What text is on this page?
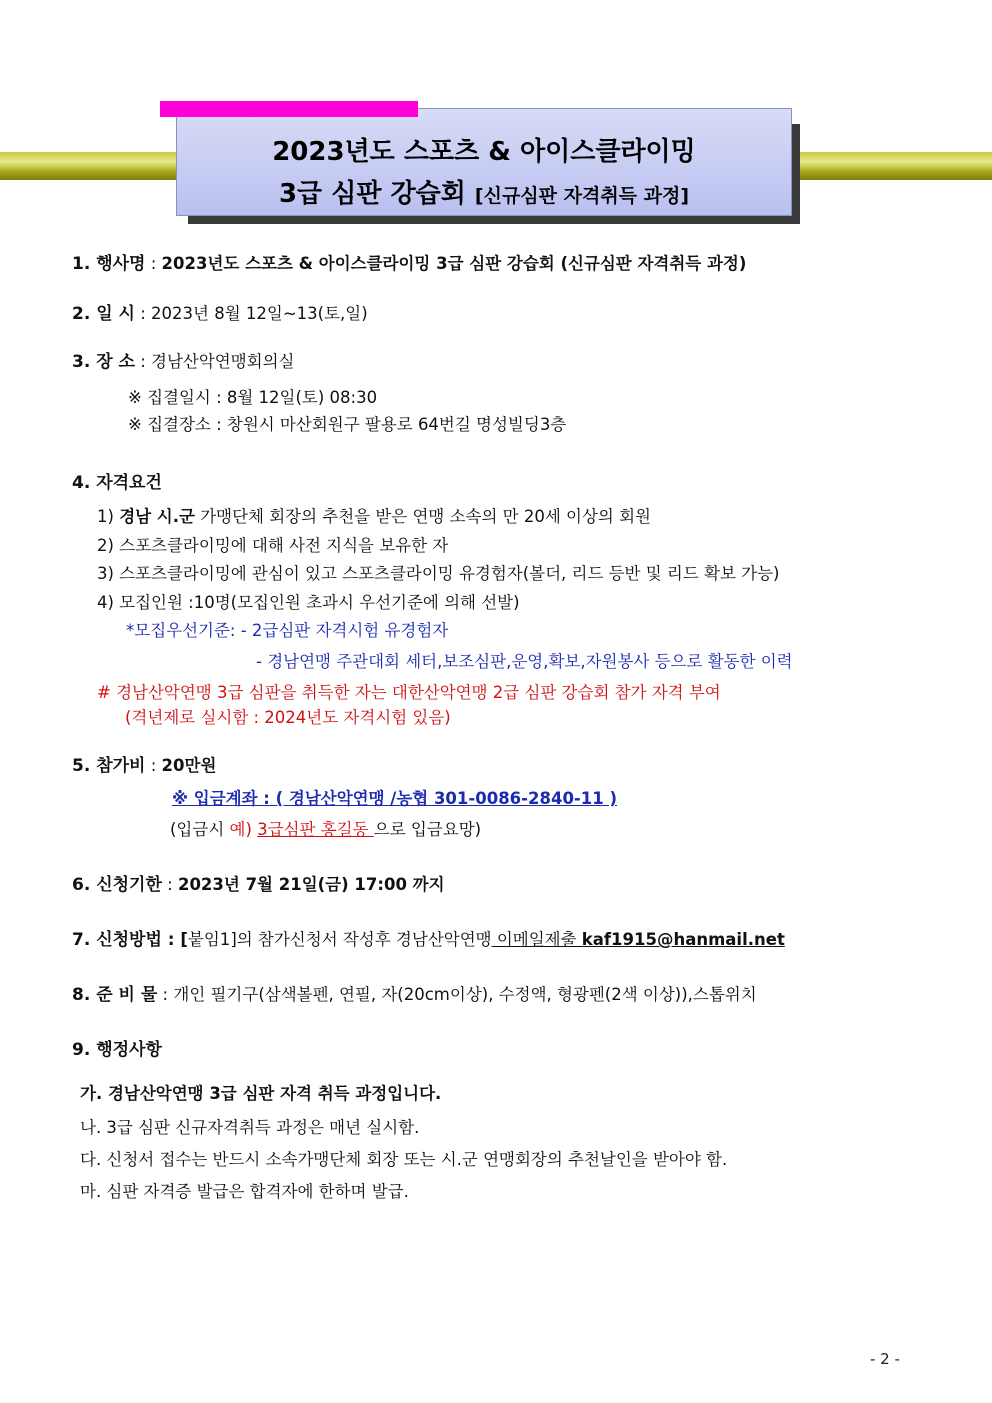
2023년도 스포츠 & 아이스클라이밍
3급 심판 강습회 [신규심판 자격취득 과정]
1. 행사명 : 2023년도 스포츠 & 아이스클라이밍 3급 심판 강습회 (신규심판 자격취득 과정)
2. 일 시 : 2023년 8월 12일~13(토,일)
3. 장 소 : 경남산악연맹회의실
※ 집결일시 : 8월 12일(토) 08:30
※ 집결장소 : 창원시 마산회원구 팔용로 64번길 명성빌딩3층
4. 자격요건
1) 경남 시.군 가맹단체 회장의 추천을 받은 연맹 소속의 만 20세 이상의 회원
2) 스포츠클라이밍에 대해 사전 지식을 보유한 자
3) 스포츠클라이밍에 관심이 있고 스포츠클라이밍 유경험자(볼더, 리드 등반 및 리드 확보 가능)
4) 모집인원 :10명(모집인원 초과시 우선기준에 의해 선발)
*모집우선기준: - 2급심판 자격시험 유경험자
- 경남연맹 주관대회 세터,보조심판,운영,확보,자원봉사 등으로 활동한 이력
# 경남산악연맹 3급 심판을 취득한 자는 대한산악연맹 2급 심판 강습회 참가 자격 부여
(격년제로 실시함 : 2024년도 자격시험 있음)
5. 참가비 : 20만원
※ 입금계좌 : ( 경남산악연맹 /농협 301-0086-2840-11 )
(입금시 예) 3급심판 홍길동 으로 입금요망)
6. 신청기한 : 2023년 7월 21일(금) 17:00 까지
7. 신청방법 : [붙임1]의 참가신청서 작성후 경남산악연맹 이메일제출 kaf1915@hanmail.net
8. 준 비 물 : 개인 필기구(삼색볼펜, 연필, 자(20cm이상), 수정액, 형광펜(2색 이상)),스톱위치
9. 행정사항
가. 경남산악연맹 3급 심판 자격 취득 과정입니다.
나. 3급 심판 신규자격취득 과정은 매년 실시함.
다. 신청서 접수는 반드시 소속가맹단체 회장 또는 시.군 연맹회장의 추천날인을 받아야 함.
마. 심판 자격증 발급은 합격자에 한하며 발급.
- 2 -
